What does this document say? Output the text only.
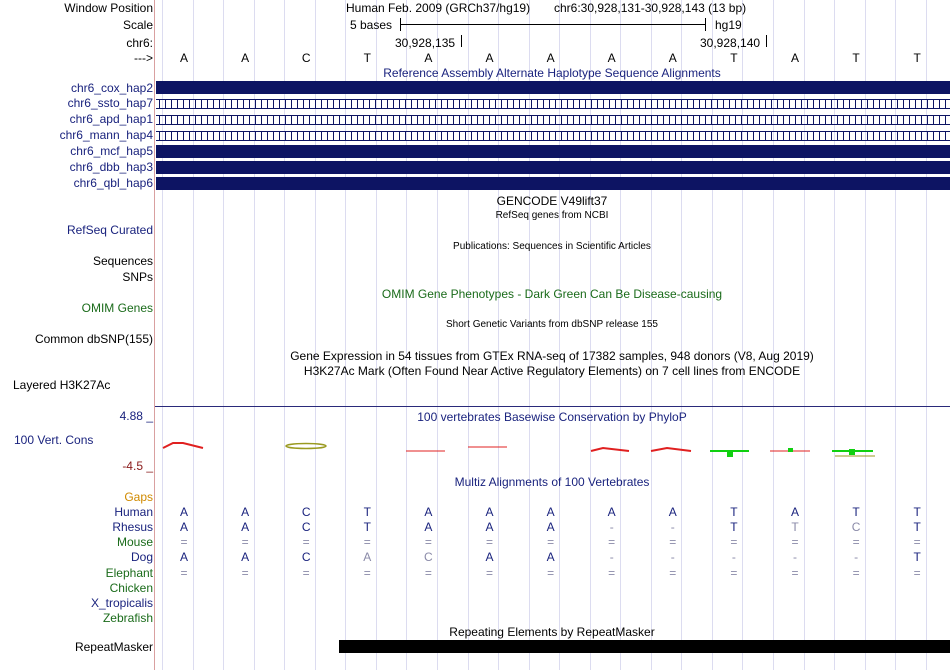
Window Position
Scale
chr6:
--->
Human Feb. 2009 (GRCh37/hg19) chr6:30,928,131-30,928,143 (13 bp)
5 bases	hg19
30,928,135	30,928,140
A	A	C	T	A	A	A	A	A	T	A	T	T
Reference Assembly Alternate Haplotype Sequence Alignments
chr6_cox_hap2
chr6_ssto_hap7
chr6_apd_hap1
chr6_mann_hap4
chr6_mcf_hap5
chr6_dbb_hap3
chr6_qbl_hap6
GENCODE V49lift37
RefSeq genes from NCBI
RefSeq Curated
Publications: Sequences in Scientific Articles
Sequences
SNPs
OMIM Gene Phenotypes - Dark Green Can Be Disease-causing
OMIM Genes
Short Genetic Variants from dbSNP release 155
Common dbSNP(155)
Gene Expression in 54 tissues from GTEx RNA-seq of 17382 samples, 948 donors (V8, Aug 2019)
H3K27Ac Mark (Often Found Near Active Regulatory Elements) on 7 cell lines from ENCODE
Layered H3K27Ac
100 vertebrates Basewise Conservation by PhyloP
4.88 _
100 Vert. Cons
-4.5 _
Multiz Alignments of 100 Vertebrates
Gaps
Human	A	A	C	T	A	A	A	A	A	T	A	T	T
Rhesus	A	A	C	T	A	A	A	-	-	T	T	C	T
Mouse	=	=	=	=	=	=	=	=	=	=	=	=	=
Dog	A	A	C	A	C	A	A	-	-	-	-	-	T
Elephant	=	=	=	=	=	=	=	=	=	=	=	=	=
Chicken
X_tropicalis
Zebrafish
Repeating Elements by RepeatMasker
RepeatMasker
